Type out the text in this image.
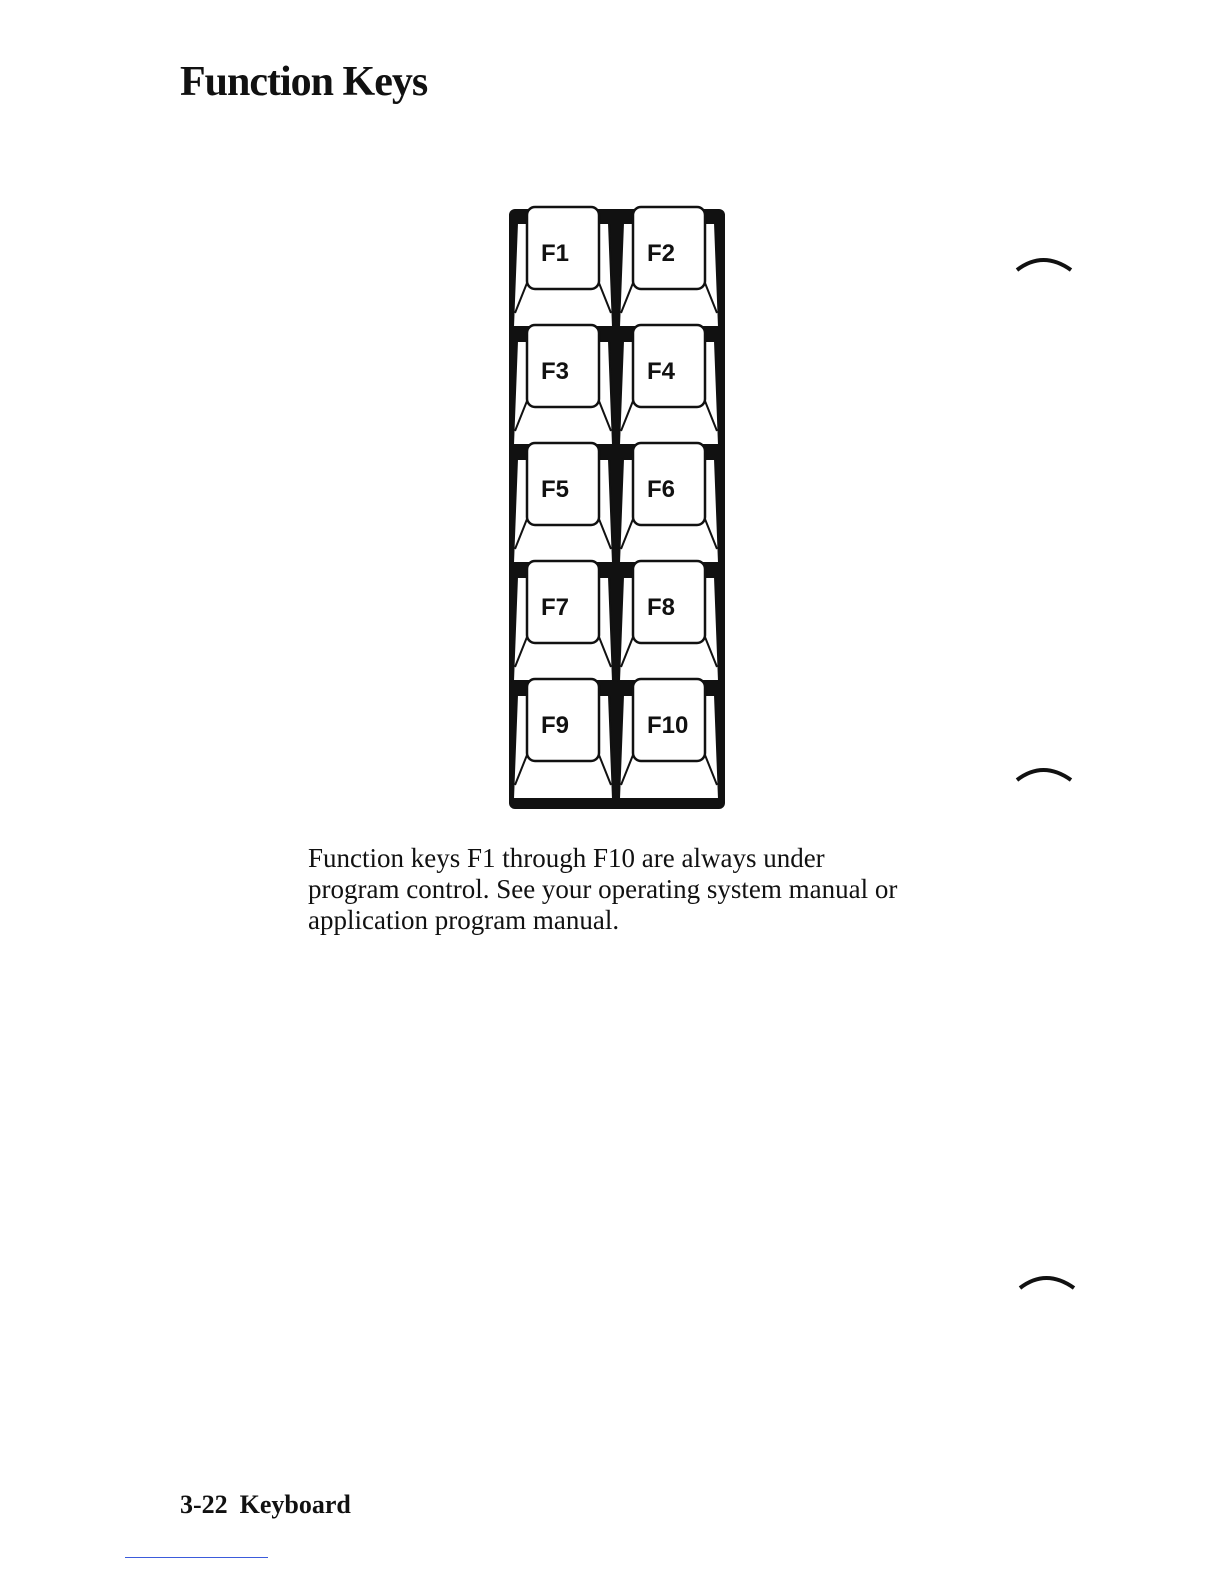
Function Keys
F1	F2
F3	F4
F5	F6
F7	F8
F9	F10

Function keys F1 through F10 are always under
program control. See your operating system manual or
application program manual.

3-22 Keyboard
